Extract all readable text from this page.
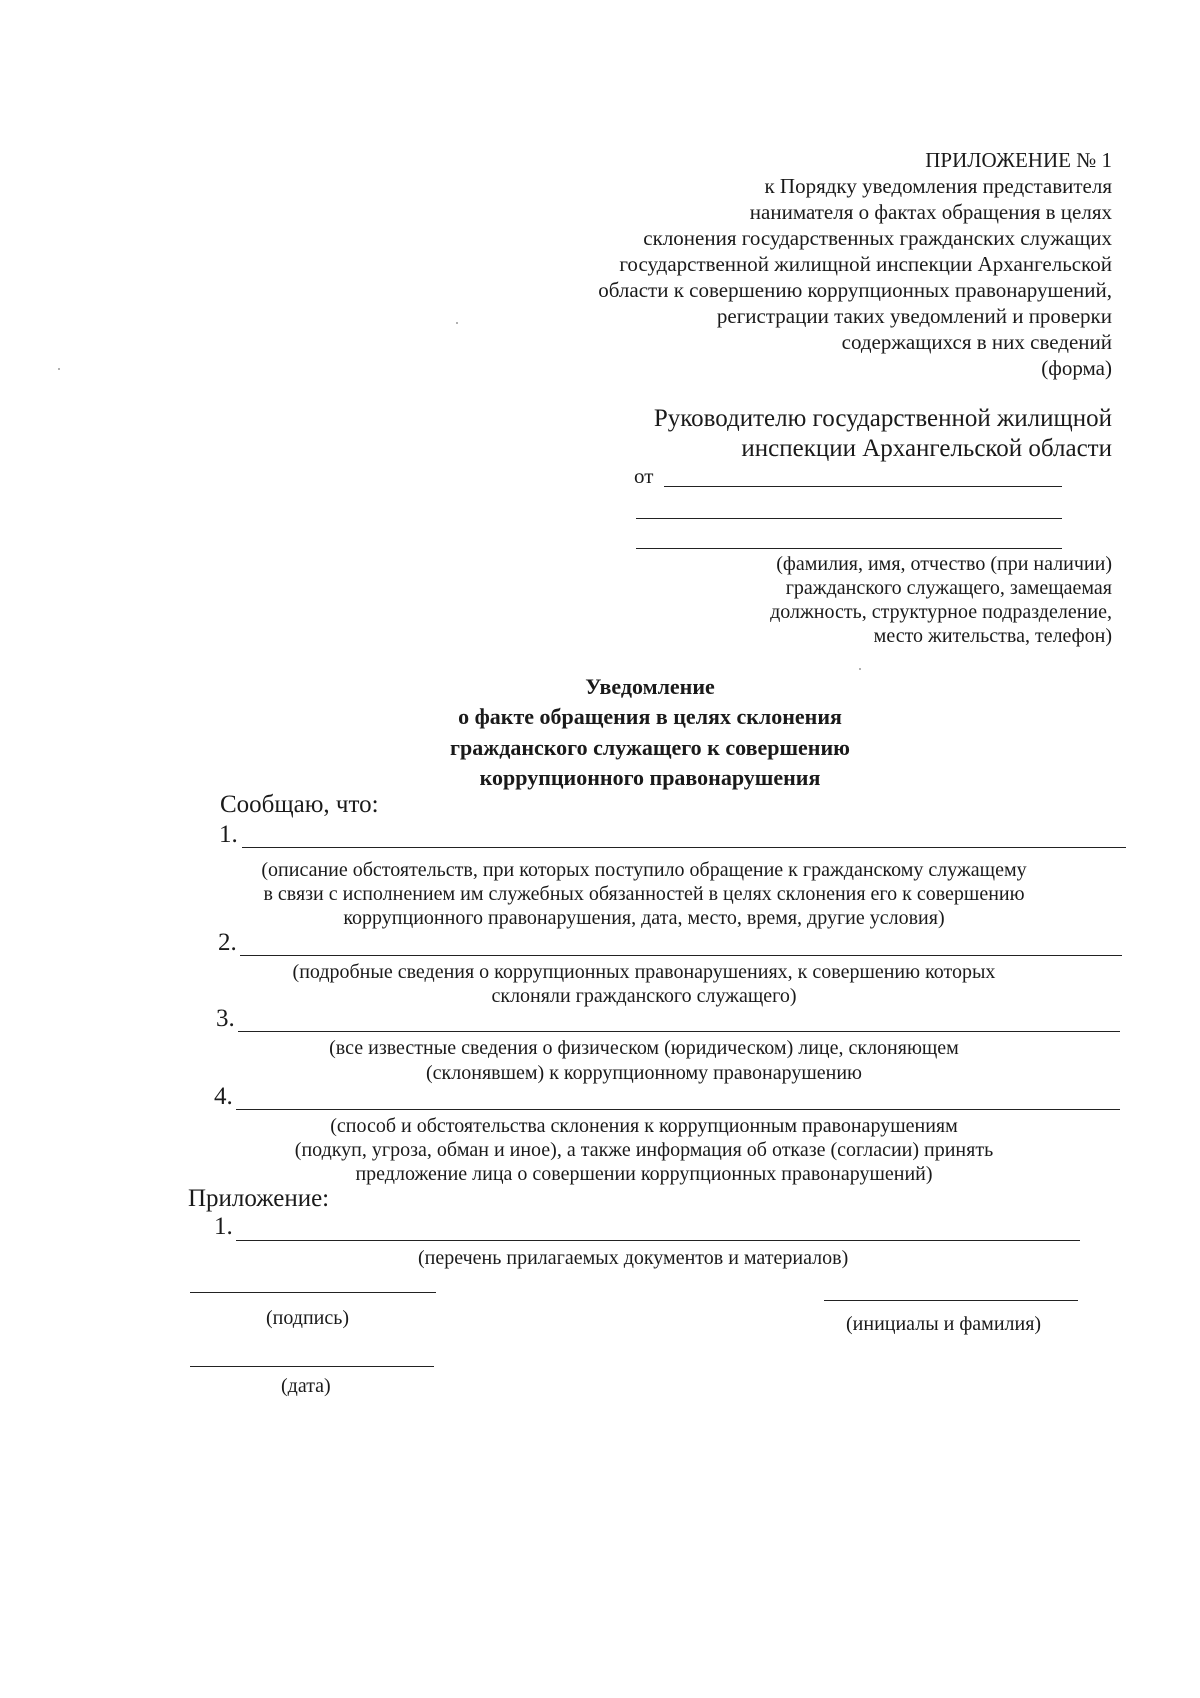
ПРИЛОЖЕНИЕ № 1
к Порядку уведомления представителя
нанимателя о фактах обращения в целях
склонения государственных гражданских служащих
государственной жилищной инспекции Архангельской
области к совершению коррупционных правонарушений,
регистрации таких уведомлений и проверки
содержащихся в них сведений
(форма)
Руководителю государственной жилищной
инспекции Архангельской области
от
(фамилия, имя, отчество (при наличии)
гражданского служащего, замещаемая
должность, структурное подразделение,
место жительства, телефон)
Уведомление
о факте обращения в целях склонения
гражданского служащего к совершению
коррупционного правонарушения
Сообщаю, что:
1.
(описание обстоятельств, при которых поступило обращение к гражданскому служащему
в связи с исполнением им служебных обязанностей в целях склонения его к совершению
коррупционного правонарушения, дата, место, время, другие условия)
2.
(подробные сведения о коррупционных правонарушениях, к совершению которых
склоняли гражданского служащего)
3.
(все известные сведения о физическом (юридическом) лице, склоняющем
(склонявшем) к коррупционному правонарушению
4.
(способ и обстоятельства склонения к коррупционным правонарушениям
(подкуп, угроза, обман и иное), а также информация об отказе (согласии) принять
предложение лица о совершении коррупционных правонарушений)
Приложение:
1.
(перечень прилагаемых документов и материалов)
(подпись)	(инициалы и фамилия)
(дата)
